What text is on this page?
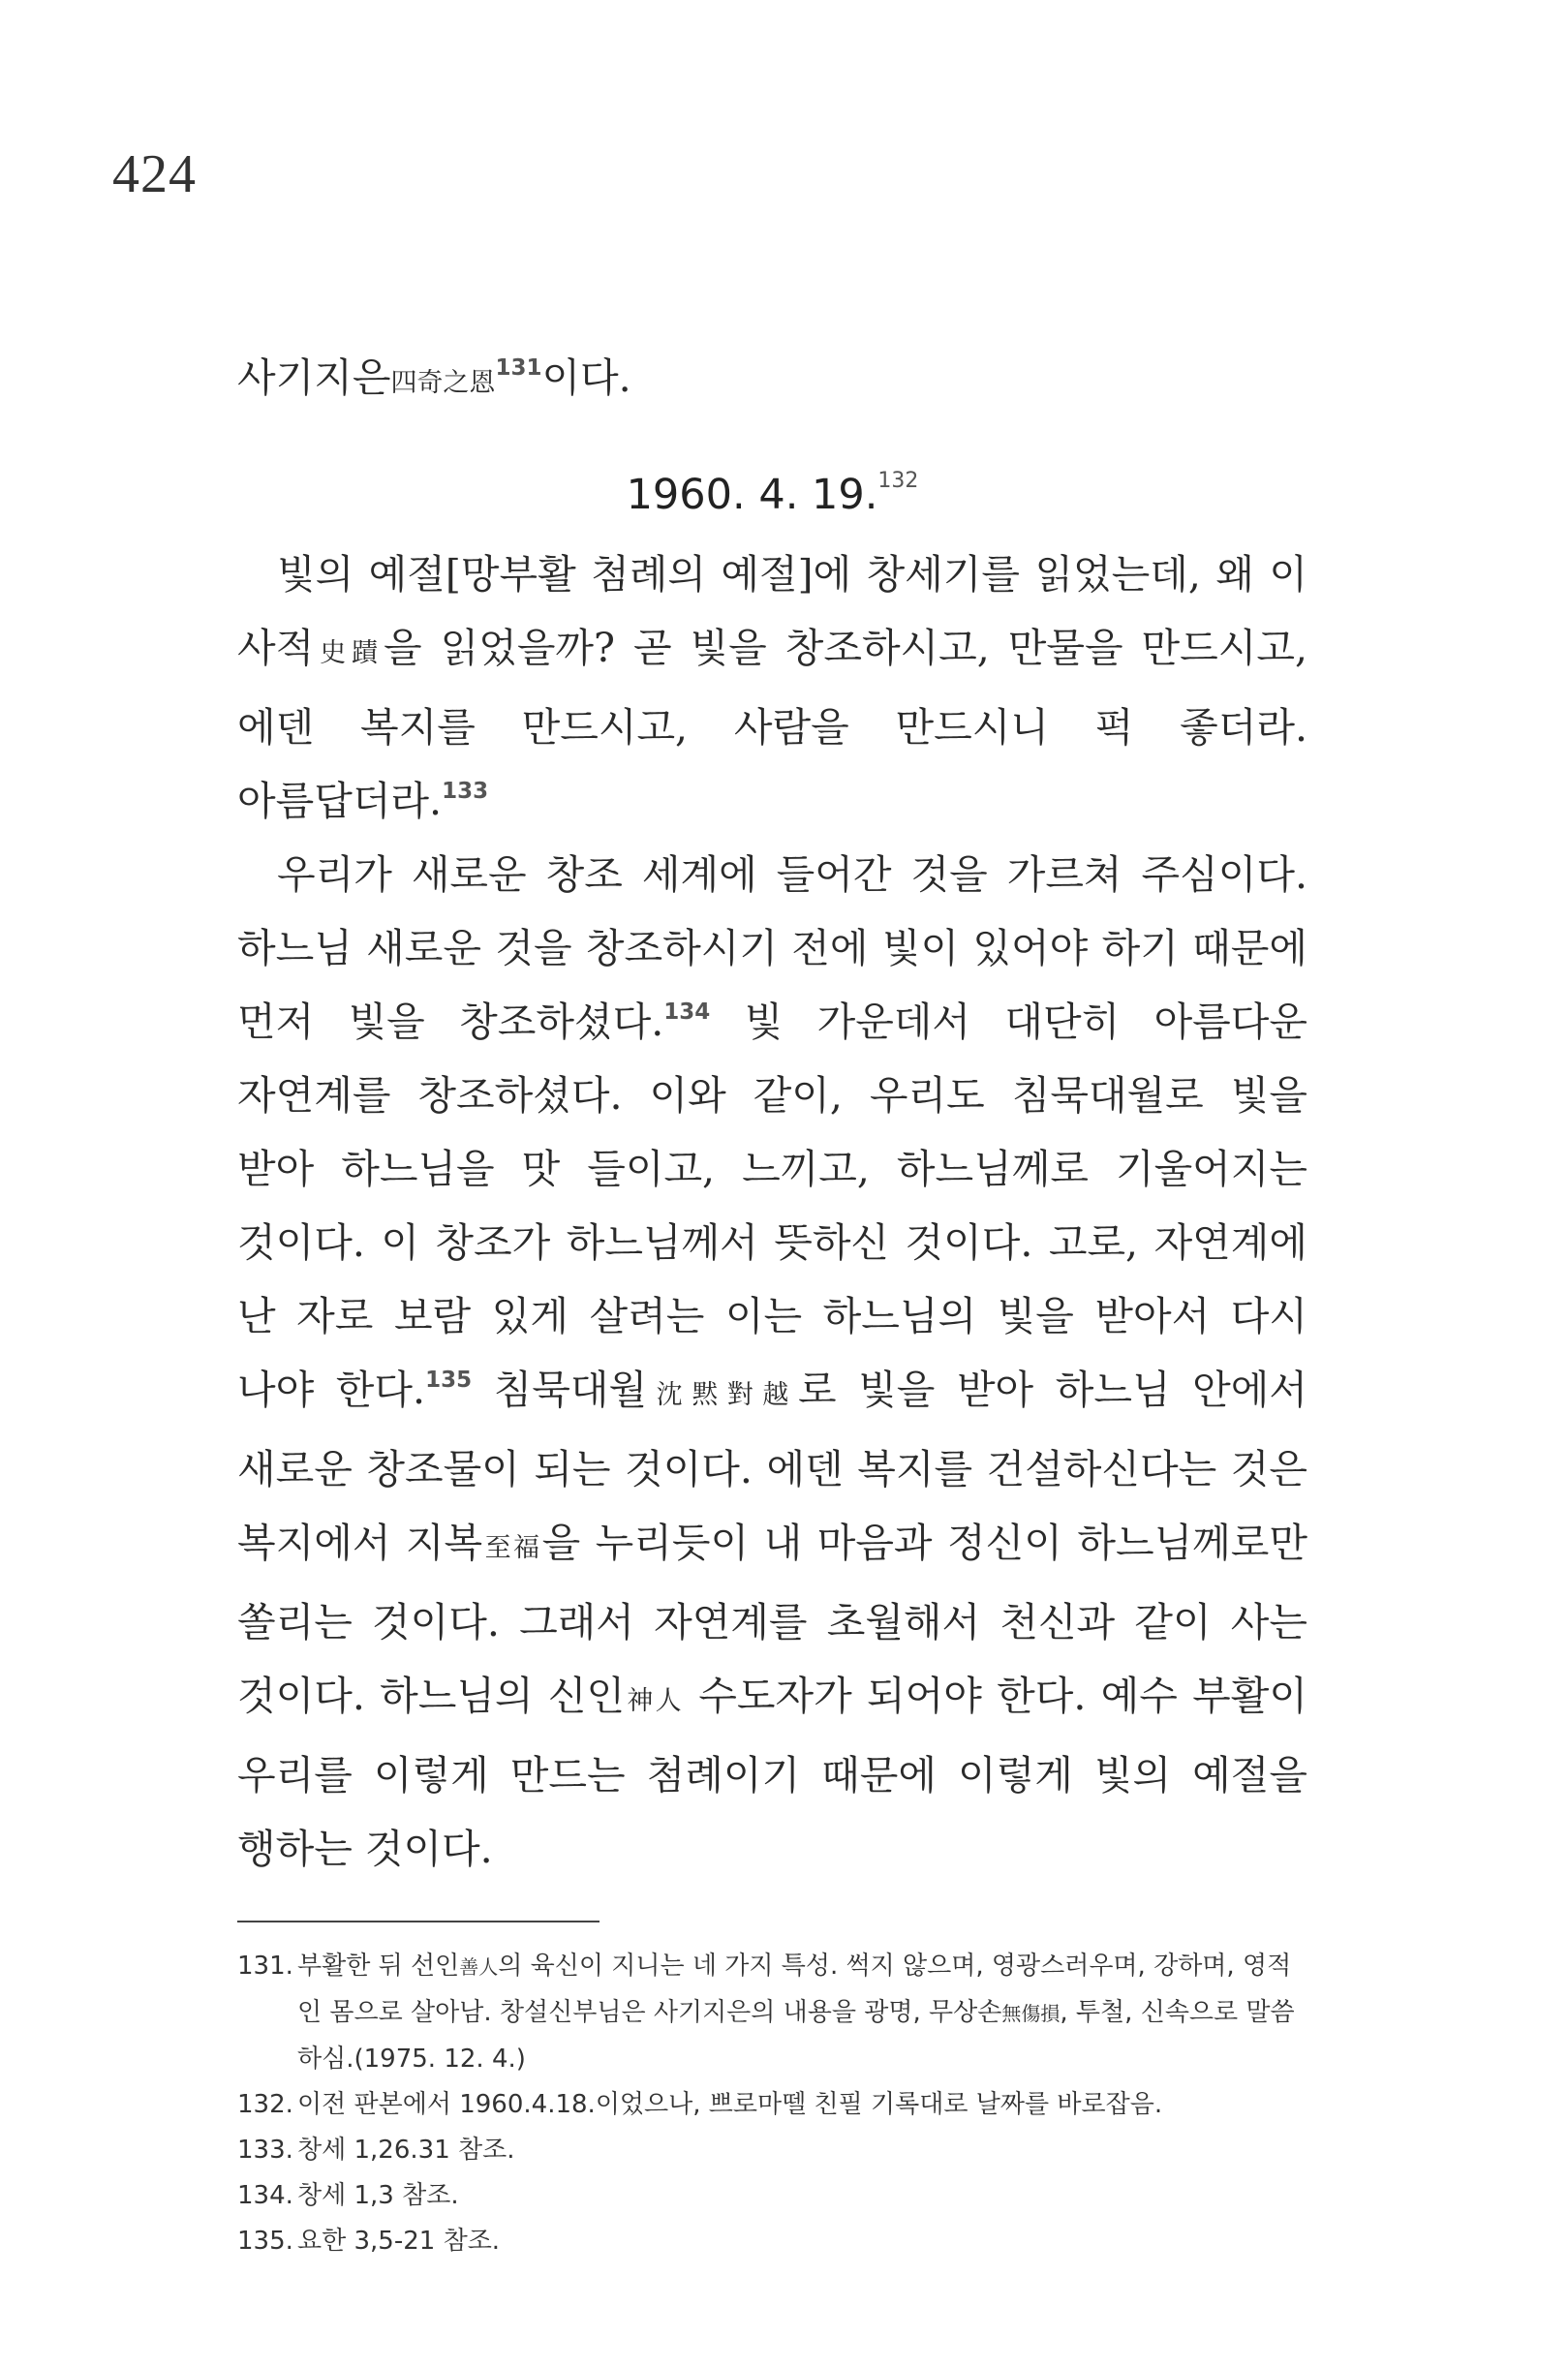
424

사기지은四奇之恩$^{131}$이다.

1960. 4. 19.$^{132}$

빛의 예절[망부활 첨례의 예절]에 창세기를 읽었는데, 왜 이 사적史蹟을 읽었을까? 곧 빛을 창조하시고, 만물을 만드시고, 에덴 복지를 만드시고, 사람을 만드시니 퍽 좋더라. 아름답더라.$^{133}$

우리가 새로운 창조 세계에 들어간 것을 가르쳐 주심이다. 하느님 새로운 것을 창조하시기 전에 빛이 있어야 하기 때문에 먼저 빛을 창조하셨다.$^{134}$ 빛 가운데서 대단히 아름다운 자연계를 창조하셨다. 이와 같이, 우리도 침묵대월로 빛을 받아 하느님을 맛 들이고, 느끼고, 하느님께로 기울어지는 것이다. 이 창조가 하느님께서 뜻하신 것이다. 고로, 자연계에 난 자로 보람 있게 살려는 이는 하느님의 빛을 받아서 다시 나야 한다.$^{135}$ 침묵대월沈黙對越로 빛을 받아 하느님 안에서 새로운 창조물이 되는 것이다. 에덴 복지를 건설하신다는 것은 복지에서 지복至福을 누리듯이 내 마음과 정신이 하느님께로만 쏠리는 것이다. 그래서 자연계를 초월해서 천신과 같이 사는 것이다. 하느님의 신인神人 수도자가 되어야 한다. 예수 부활이 우리를 이렇게 만드는 첨례이기 때문에 이렇게 빛의 예절을 행하는 것이다.

131. 부활한 뒤 선인善人의 육신이 지니는 네 가지 특성. 썩지 않으며, 영광스러우며, 강하며, 영적인 몸으로 살아남. 창설신부님은 사기지은의 내용을 광명, 무상손無傷損, 투철, 신속으로 말씀하심.(1975. 12. 4.)
132. 이전 판본에서 1960.4.18.이었으나, 쁘로마뗄 친필 기록대로 날짜를 바로잡음.
133. 창세 1,26.31 참조.
134. 창세 1,3 참조.
135. 요한 3,5-21 참조.
